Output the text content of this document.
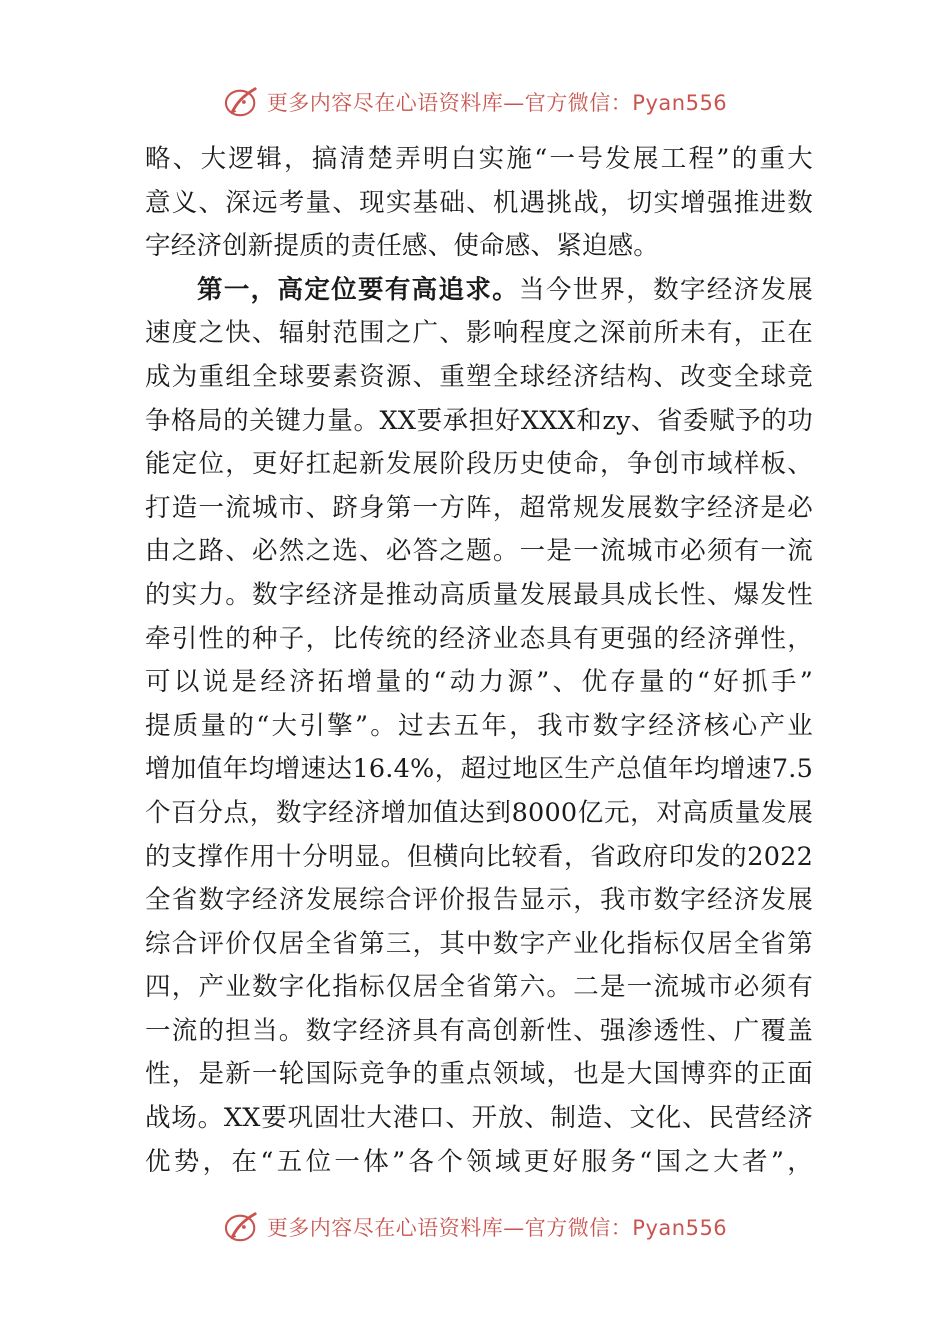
更多内容尽在心语资料库—官方微信：Pyan556
略、大逻辑，搞清楚弄明白实施“一号发展工程”的重大
意义、深远考量、现实基础、机遇挑战，切实增强推进数
字经济创新提质的责任感、使命感、紧迫感。
第一，高定位要有高追求。当今世界，数字经济发展
速度之快、辐射范围之广、影响程度之深前所未有，正在
成为重组全球要素资源、重塑全球经济结构、改变全球竞
争格局的关键力量。XX要承担好XXX和zy、省委赋予的功
能定位，更好扛起新发展阶段历史使命，争创市域样板、
打造一流城市、跻身第一方阵，超常规发展数字经济是必
由之路、必然之选、必答之题。一是一流城市必须有一流
的实力。数字经济是推动高质量发展最具成长性、爆发性
牵引性的种子，比传统的经济业态具有更强的经济弹性，
可以说是经济拓增量的“动力源”、优存量的“好抓手”
提质量的“大引擎”。过去五年，我市数字经济核心产业
增加值年均增速达16.4%，超过地区生产总值年均增速7.5
个百分点，数字经济增加值达到8000亿元，对高质量发展
的支撑作用十分明显。但横向比较看，省政府印发的2022
全省数字经济发展综合评价报告显示，我市数字经济发展
综合评价仅居全省第三，其中数字产业化指标仅居全省第
四，产业数字化指标仅居全省第六。二是一流城市必须有
一流的担当。数字经济具有高创新性、强渗透性、广覆盖
性，是新一轮国际竞争的重点领域，也是大国博弈的正面
战场。XX要巩固壮大港口、开放、制造、文化、民营经济
优势，在“五位一体”各个领域更好服务“国之大者”，
更多内容尽在心语资料库—官方微信：Pyan556
